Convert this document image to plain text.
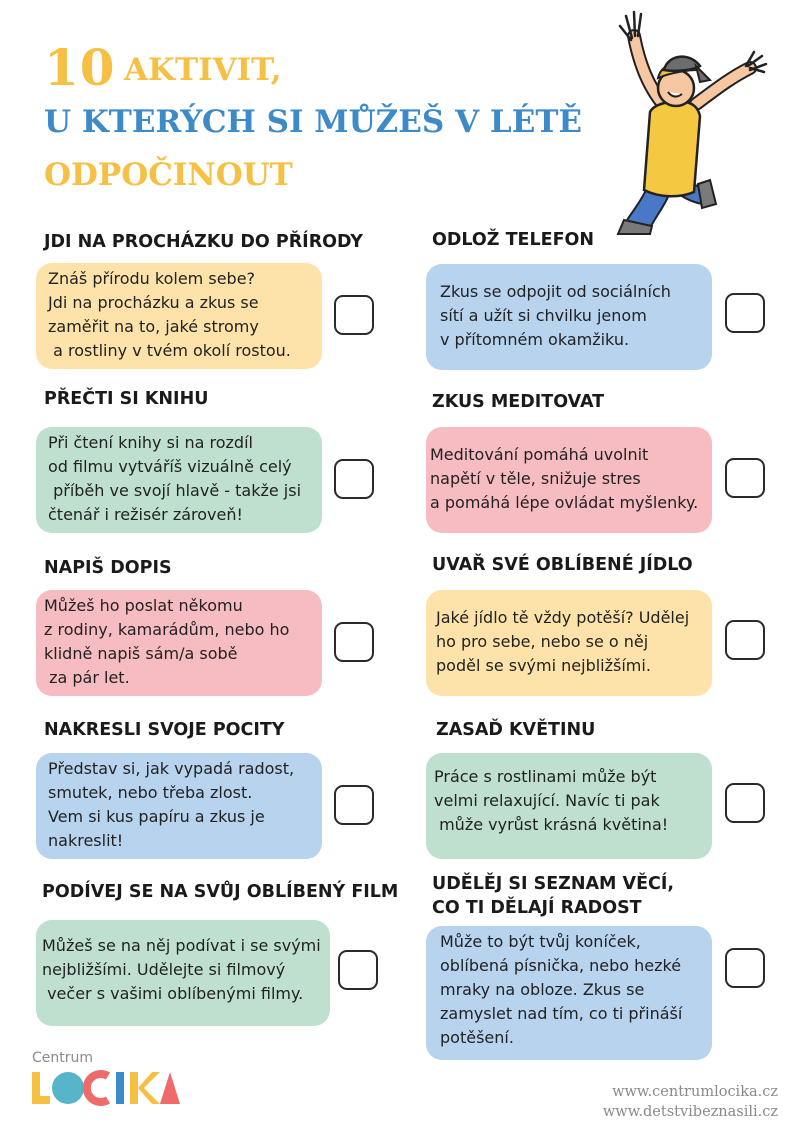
10 AKTIVIT,
U KTERÝCH SI MŮŽEŠ V LÉTĚ
ODPOČINOUT
JDI NA PROCHÁZKU DO PŘÍRODY
Znáš přírodu kolem sebe?
Jdi na procházku a zkus se
zaměřit na to, jaké stromy
a rostliny v tvém okolí rostou.
ODLOŽ TELEFON
Zkus se odpojit od sociálních
sítí a užít si chvilku jenom
v přítomném okamžiku.
PŘEČTI SI KNIHU
Při čtení knihy si na rozdíl
od filmu vytváříš vizuálně celý
příběh ve svojí hlavě - takže jsi
čtenář i režisér zároveň!
ZKUS MEDITOVAT
Meditování pomáhá uvolnit
napětí v těle, snižuje stres
a pomáhá lépe ovládat myšlenky.
NAPIŠ DOPIS
Můžeš ho poslat někomu
z rodiny, kamarádům, nebo ho
klidně napiš sám/a sobě
za pár let.
UVAŘ SVÉ OBLÍBENÉ JÍDLO
Jaké jídlo tě vždy potěší? Udělej
ho pro sebe, nebo se o něj
poděl se svými nejbližšími.
NAKRESLI SVOJE POCITY
Představ si, jak vypadá radost,
smutek, nebo třeba zlost.
Vem si kus papíru a zkus je
nakreslit!
ZASAĎ KVĚTINU
Práce s rostlinami může být
velmi relaxující. Navíc ti pak
může vyrůst krásná květina!
PODÍVEJ SE NA SVŮJ OBLÍBENÝ FILM
Můžeš se na něj podívat i se svými
nejbližšími. Udělejte si filmový
večer s vašimi oblíbenými filmy.
UDĚLĚJ SI SEZNAM VĚCÍ,
CO TI DĚLAJÍ RADOST
Může to být tvůj koníček,
oblíbená písnička, nebo hezké
mraky na obloze. Zkus se
zamyslet nad tím, co ti přináší
potěšení.
Centrum
www.centrumlocika.cz
www.detstvibeznasili.cz
